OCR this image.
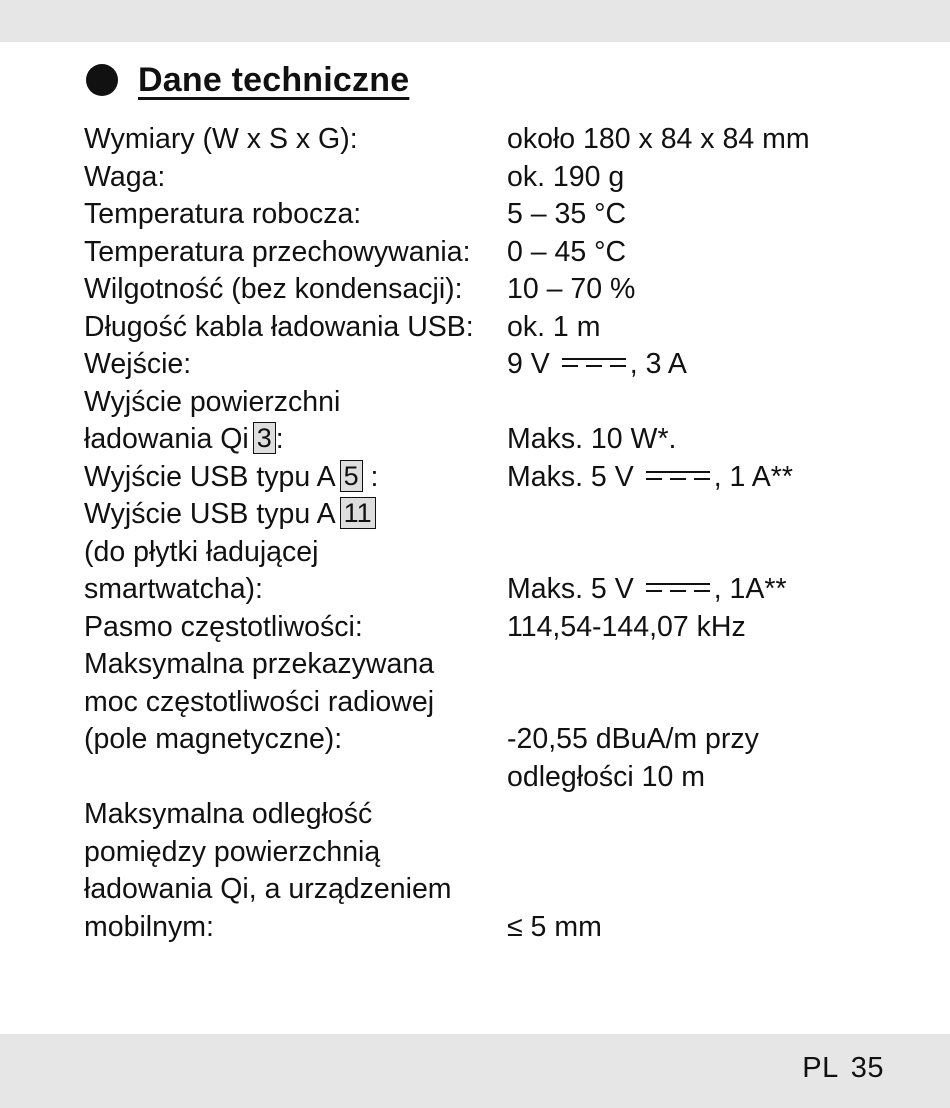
Dane techniczne
Wymiary (W x S x G):	około 180 x 84 x 84 mm
Waga:	ok. 190 g
Temperatura robocza:	5 – 35 °C
Temperatura przechowywania: 0 – 45 °C
Wilgotność (bez kondensacji): 10 – 70 %
Długość kabla ładowania USB: ok. 1 m
Wejście:	9 V	, 3 A
Wyjście powierzchni
ładowania Qi 3 :	Maks. 10 W*.
Wyjście USB typu A 5 :	Maks. 5 V	, 1 A**
Wyjście USB typu A 11
(do płytki ładującej
smartwatcha):	Maks. 5 V	, 1A**
Pasmo częstotliwości:	114,54-144,07 kHz
Maksymalna przekazywana
moc częstotliwości radiowej
(pole magnetyczne):	-20,55 dBuA/m przy
odległości 10 m
Maksymalna odległość
pomiędzy powierzchnią
ładowania Qi, a urządzeniem
mobilnym:	≤ 5 mm
PL 35
